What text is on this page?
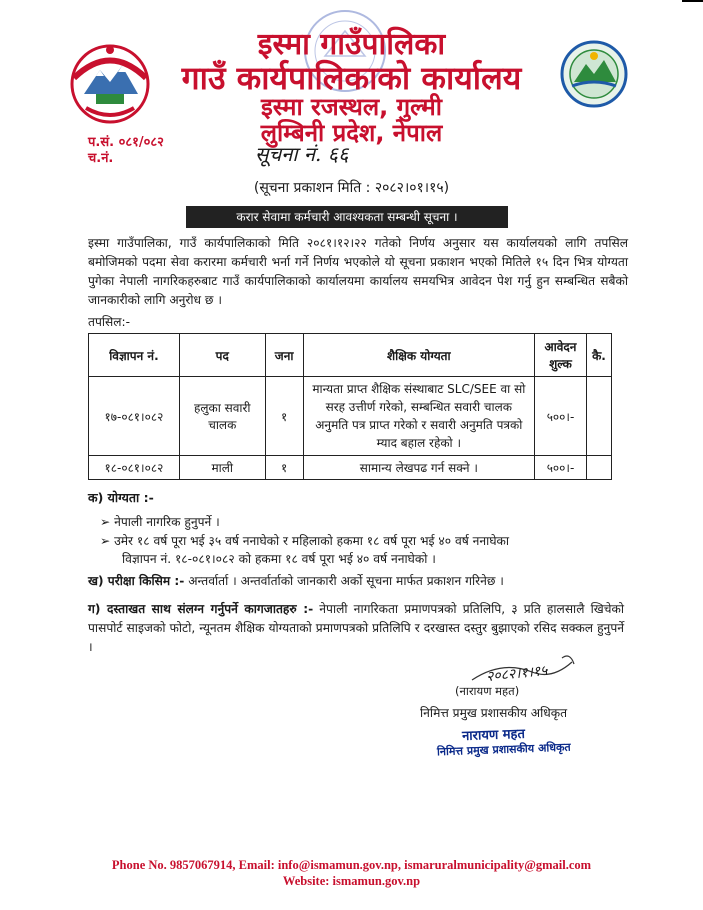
इस्मा गाउँपालिका
गाउँ कार्यपालिकाको कार्यालय
इस्मा रजस्थल, गुल्मी
लुम्बिनी प्रदेश, नेपाल
प.सं. ०८१/०८२
च.नं.	सूचना नं. ६६
(सूचना प्रकाशन मिति : २०८२।०१।१५)
करार सेवामा कर्मचारी आवश्यकता सम्बन्धी सूचना ।
इस्मा गाउँपालिका, गाउँ कार्यपालिकाको मिति २०८१।१२।२२ गतेको निर्णय अनुसार यस कार्यालयको लागि तपसिल बमोजिमको पदमा सेवा करारमा कर्मचारी भर्ना गर्ने निर्णय भएकोले यो सूचना प्रकाशन भएको मितिले १५ दिन भित्र योग्यता पुगेका नेपाली नागरिकहरुबाट गाउँ कार्यपालिकाको कार्यालयमा कार्यालय समयभित्र आवेदन पेश गर्नु हुन सम्बन्धित सबैको जानकारीको लागि अनुरोध छ ।
तपसिल:-
विज्ञापन नं.	पद	जना	शैक्षिक योग्यता	आवेदन शुल्क	कै.
१७-०८१।०८२	हलुका सवारी चालक	१	मान्यता प्राप्त शैक्षिक संस्थाबाट SLC/SEE वा सो सरह उत्तीर्ण गरेको, सम्बन्धित सवारी चालक अनुमति पत्र प्राप्त गरेको र सवारी अनुमति पत्रको म्याद बहाल रहेको ।	५००।-	
१८-०८१।०८२	माली	१	सामान्य लेखपढ गर्न सक्ने ।	५००।-	
क) योग्यता :-
➢ नेपाली नागरिक हुनुपर्ने ।
➢ उमेर १८ वर्ष पूरा भई ३५ वर्ष ननाघेको र महिलाको हकमा १८ वर्ष पूरा भई ४० वर्ष ननाघेका
विज्ञापन नं. १८-०८१।०८२ को हकमा १८ वर्ष पूरा भई ४० वर्ष ननाघेको ।
ख) परीक्षा किसिम :- अन्तर्वार्ता । अन्तर्वार्ताको जानकारी अर्को सूचना मार्फत प्रकाशन गरिनेछ ।
ग) दस्ताखत साथ संलग्न गर्नुपर्ने कागजातहरु :- नेपाली नागरिकता प्रमाणपत्रको प्रतिलिपि, ३ प्रति हालसालै खिचेको पासपोर्ट साइजको फोटो, न्यूनतम शैक्षिक योग्यताको प्रमाणपत्रको प्रतिलिपि र दरखास्त दस्तुर बुझाएको रसिद सक्कल हुनुपर्ने ।
२०८२।१।१५
(नारायण महत)
निमित्त प्रमुख प्रशासकीय अधिकृत
नारायण महत
निमित्त प्रमुख प्रशासकीय अधिकृत
Phone No. 9857067914, Email: info@ismamun.gov.np, ismaruralmunicipality@gmail.com
Website: ismamun.gov.np
